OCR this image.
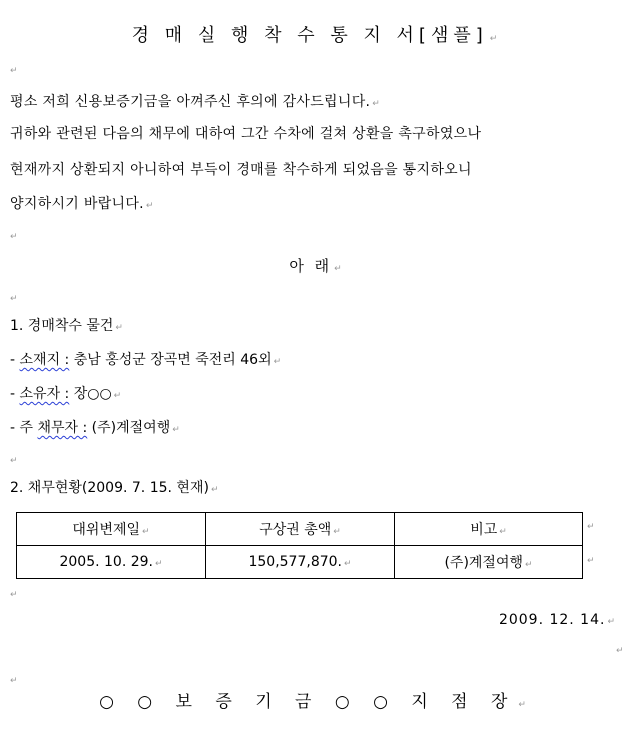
경 매 실 행 착 수 통 지 서[샘플] ↵
↵
평소 저희 신용보증기금을 아껴주신 후의에 감사드립니다. ↵
귀하와 관련된 다음의 채무에 대하여 그간 수차에 걸쳐 상환을 촉구하였으나
현재까지 상환되지 아니하여 부득이 경매를 착수하게 되었음을 통지하오니
양지하시기 바랍니다. ↵
↵
아 래 ↵
↵
1. 경매착수 물건 ↵
- 소재지 : 충남 홍성군 장곡면 죽전리 46외 ↵
- 소유자 : 장○○ ↵
- 주 채무자 : (주)계절여행 ↵
↵
2. 채무현황(2009. 7. 15. 현재) ↵
대위변제일 ↵	구상권 총액 ↵	비고 ↵
2005. 10. 29. ↵	150,577,870. ↵	(주)계절여행 ↵
↵
↵
↵
2009. 12. 14. ↵
↵
↵
○ ○ 보 증 기 금 ○ ○ 지 점 장 ↵
